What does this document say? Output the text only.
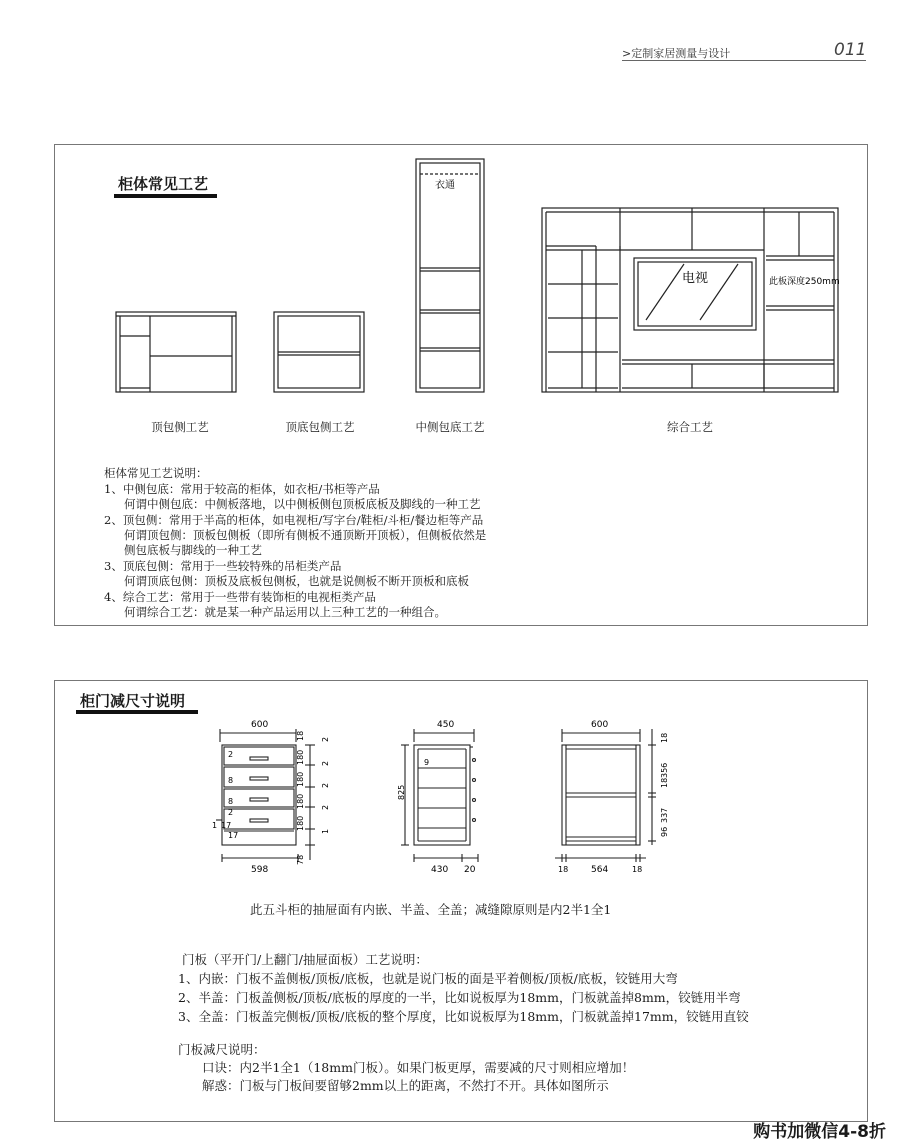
>定制家居测量与设计	011
柜体常见工艺	衣通
电视	此板深度250mm
顶包侧工艺	顶底包侧工艺	中侧包底工艺	综合工艺
柜体常见工艺说明：
1、中侧包底：常用于较高的柜体，如衣柜/书柜等产品
何谓中侧包底：中侧板落地，以中侧板侧包顶板底板及脚线的一种工艺
2、顶包侧：常用于半高的柜体，如电视柜/写字台/鞋柜/斗柜/餐边柜等产品
何谓顶包侧：顶板包侧板（即所有侧板不通顶断开顶板），但侧板依然是
侧包底板与脚线的一种工艺
3、顶底包侧：常用于一些较特殊的吊柜类产品
何谓顶底包侧：顶板及底板包侧板，也就是说侧板不断开顶板和底板
4、综合工艺：常用于一些带有装饰柜的电视柜类产品
何谓综合工艺：就是某一种产品运用以上三种工艺的一种组合。
柜门减尺寸说明
600
598
2
8
8
2
17
17
1
18 2
180 2
180 2
180 2
180
1
78
450
825
9
430 20
600
18	564	18
18
356
18
337
96
此五斗柜的抽屉面有内嵌、半盖、全盖；减缝隙原则是内2半1全1
门板（平开门/上翻门/抽屉面板）工艺说明：
1、内嵌：门板不盖侧板/顶板/底板，也就是说门板的面是平着侧板/顶板/底板，铰链用大弯
2、半盖：门板盖侧板/顶板/底板的厚度的一半，比如说板厚为18mm，门板就盖掉8mm，铰链用半弯
3、全盖：门板盖完侧板/顶板/底板的整个厚度，比如说板厚为18mm，门板就盖掉17mm，铰链用直铰
门板减尺说明：
口诀：内2半1全1（18mm门板）。如果门板更厚，需要减的尺寸则相应增加！
解惑：门板与门板间要留够2mm以上的距离，不然打不开。具体如图所示
购书加微信4-8折
